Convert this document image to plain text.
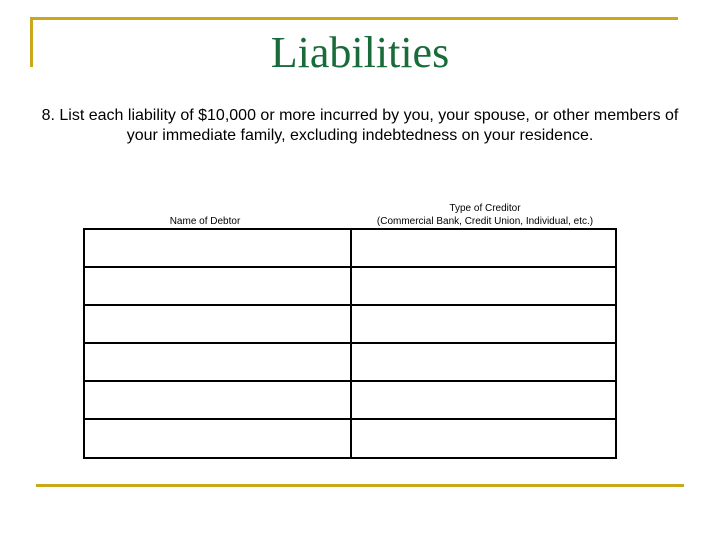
Liabilities
8. List each liability of $10,000 or more incurred by you, your spouse, or other members of your immediate family, excluding indebtedness on your residence.
Name of Debtor
Type of Creditor
(Commercial Bank, Credit Union, Individual, etc.)
